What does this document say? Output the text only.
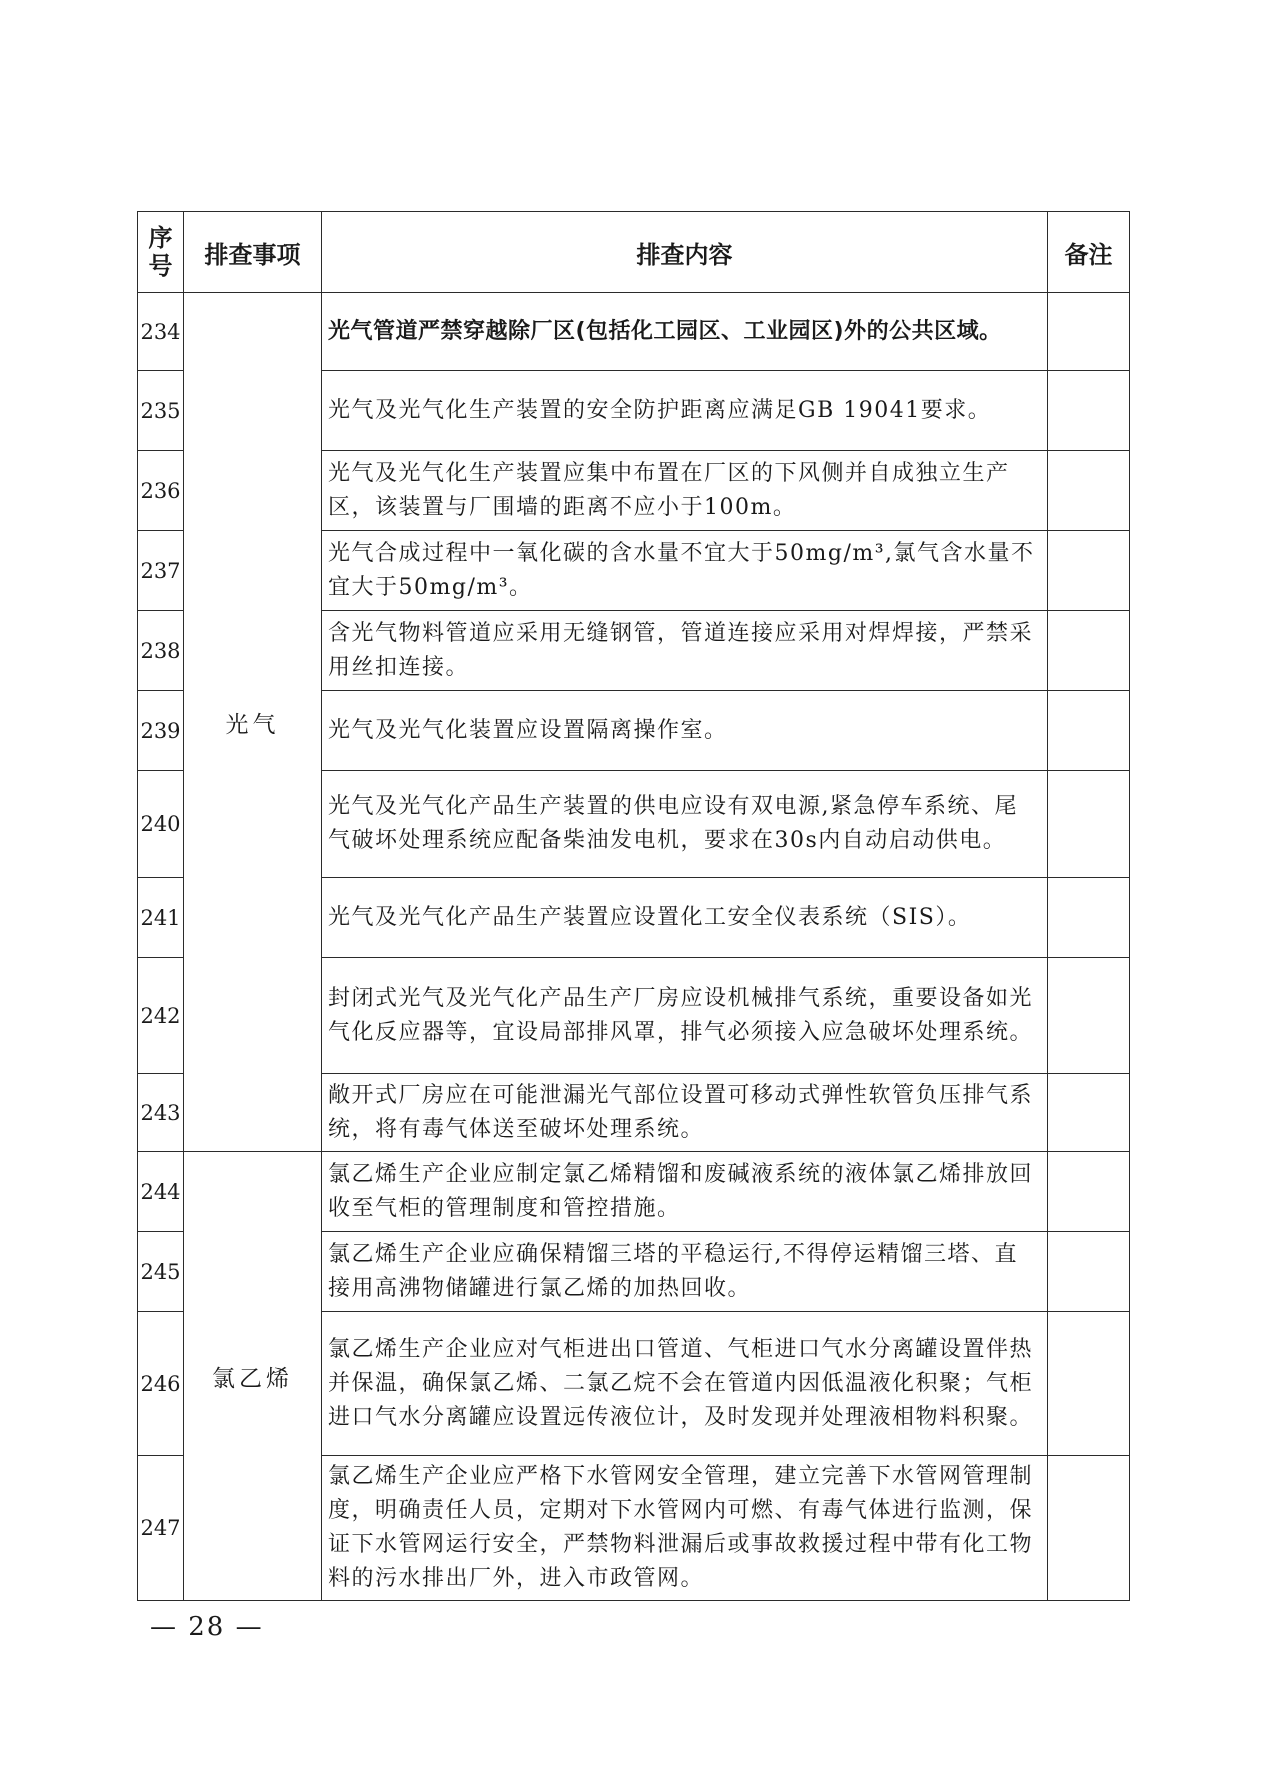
序
号	排查事项	排查内容	备注
234	光气	光气管道严禁穿越除厂区(包括化工园区、工业园区)外的公共区域。	
235		光气及光气化生产装置的安全防护距离应满足GB 19041要求。	
236		光气及光气化生产装置应集中布置在厂区的下风侧并自成独立生产区，该装置与厂围墙的距离不应小于100m。	
237		光气合成过程中一氧化碳的含水量不宜大于50mg/m³,氯气含水量不宜大于50mg/m³。	
238		含光气物料管道应采用无缝钢管，管道连接应采用对焊焊接，严禁采用丝扣连接。	
239		光气及光气化装置应设置隔离操作室。	
240		光气及光气化产品生产装置的供电应设有双电源,紧急停车系统、尾气破坏处理系统应配备柴油发电机，要求在30s内自动启动供电。	
241		光气及光气化产品生产装置应设置化工安全仪表系统（SIS）。	
242		封闭式光气及光气化产品生产厂房应设机械排气系统，重要设备如光气化反应器等，宜设局部排风罩，排气必须接入应急破坏处理系统。	
243		敞开式厂房应在可能泄漏光气部位设置可移动式弹性软管负压排气系统，将有毒气体送至破坏处理系统。	
244	氯乙烯	氯乙烯生产企业应制定氯乙烯精馏和废碱液系统的液体氯乙烯排放回收至气柜的管理制度和管控措施。	
245		氯乙烯生产企业应确保精馏三塔的平稳运行,不得停运精馏三塔、直接用高沸物储罐进行氯乙烯的加热回收。	
246		氯乙烯生产企业应对气柜进出口管道、气柜进口气水分离罐设置伴热并保温，确保氯乙烯、二氯乙烷不会在管道内因低温液化积聚；气柜进口气水分离罐应设置远传液位计，及时发现并处理液相物料积聚。	
247		氯乙烯生产企业应严格下水管网安全管理，建立完善下水管网管理制度，明确责任人员，定期对下水管网内可燃、有毒气体进行监测，保证下水管网运行安全，严禁物料泄漏后或事故救援过程中带有化工物料的污水排出厂外，进入市政管网。	
— 28 —
